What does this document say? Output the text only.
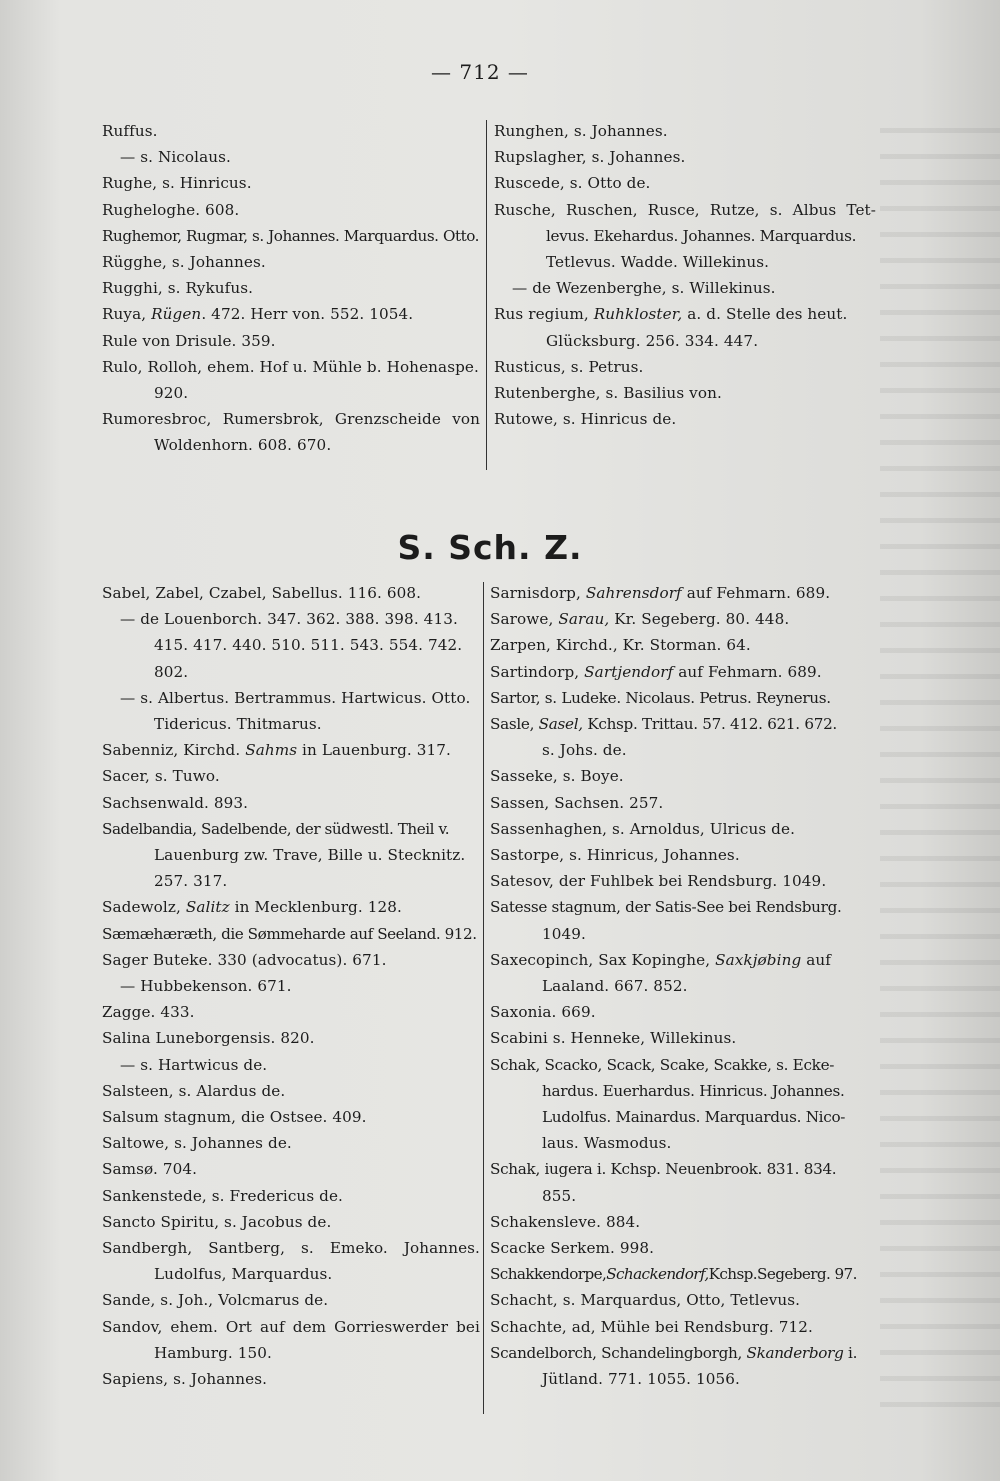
— 712 —
Ruffus.
— s. Nicolaus.
Rughe, s. Hinricus.
Rugheloghe. 608.
Rughemor, Rugmar, s. Johannes. Marquardus. Otto.
Rügghe, s. Johannes.
Rugghi, s. Rykufus.
Ruya, Rügen. 472. Herr von. 552. 1054.
Rule von Drisule. 359.
Rulo, Rolloh, ehem. Hof u. Mühle b. Hohenaspe.
920.
Rumoresbroc, Rumersbrok, Grenzscheide von
Woldenhorn. 608. 670.
Runghen, s. Johannes.
Rupslagher, s. Johannes.
Ruscede, s. Otto de.
Rusche, Ruschen, Rusce, Rutze, s. Albus Tet-
levus. Ekehardus. Johannes. Marquardus.
Tetlevus. Wadde. Willekinus.
— de Wezenberghe, s. Willekinus.
Rus regium, Ruhkloster, a. d. Stelle des heut.
Glücksburg. 256. 334. 447.
Rusticus, s. Petrus.
Rutenberghe, s. Basilius von.
Rutowe, s. Hinricus de.
S. Sch. Z.
Sabel, Zabel, Czabel, Sabellus. 116. 608.
— de Louenborch. 347. 362. 388. 398. 413.
415. 417. 440. 510. 511. 543. 554. 742.
802.
— s. Albertus. Bertrammus. Hartwicus. Otto.
Tidericus. Thitmarus.
Sabenniz, Kirchd. Sahms in Lauenburg. 317.
Sacer, s. Tuwo.
Sachsenwald. 893.
Sadelbandia, Sadelbende, der südwestl. Theil v.
Lauenburg zw. Trave, Bille u. Stecknitz.
257. 317.
Sadewolz, Salitz in Mecklenburg. 128.
Sæmæhæræth, die Sømmeharde auf Seeland. 912.
Sager Buteke. 330 (advocatus). 671.
— Hubbekenson. 671.
Zagge. 433.
Salina Luneborgensis. 820.
— s. Hartwicus de.
Salsteen, s. Alardus de.
Salsum stagnum, die Ostsee. 409.
Saltowe, s. Johannes de.
Samsø. 704.
Sankenstede, s. Fredericus de.
Sancto Spiritu, s. Jacobus de.
Sandbergh, Santberg, s. Emeko. Johannes.
Ludolfus, Marquardus.
Sande, s. Joh., Volcmarus de.
Sandov, ehem. Ort auf dem Gorrieswerder bei
Hamburg. 150.
Sapiens, s. Johannes.
Sarnisdorp, Sahrensdorf auf Fehmarn. 689.
Sarowe, Sarau, Kr. Segeberg. 80. 448.
Zarpen, Kirchd., Kr. Storman. 64.
Sartindorp, Sartjendorf auf Fehmarn. 689.
Sartor, s. Ludeke. Nicolaus. Petrus. Reynerus.
Sasle, Sasel, Kchsp. Trittau. 57. 412. 621. 672.
s. Johs. de.
Sasseke, s. Boye.
Sassen, Sachsen. 257.
Sassenhaghen, s. Arnoldus, Ulricus de.
Sastorpe, s. Hinricus, Johannes.
Satesov, der Fuhlbek bei Rendsburg. 1049.
Satesse stagnum, der Satis-See bei Rendsburg.
1049.
Saxecopinch, Sax Kopinghe, Saxkjøbing auf
Laaland. 667. 852.
Saxonia. 669.
Scabini s. Henneke, Willekinus.
Schak, Scacko, Scack, Scake, Scakke, s. Ecke-
hardus. Euerhardus. Hinricus. Johannes.
Ludolfus. Mainardus. Marquardus. Nico-
laus. Wasmodus.
Schak, iugera i. Kchsp. Neuenbrook. 831. 834.
855.
Schakensleve. 884.
Scacke Serkem. 998.
Schakkendorpe,Schackendorf,Kchsp.Segeberg. 97.
Schacht, s. Marquardus, Otto, Tetlevus.
Schachte, ad, Mühle bei Rendsburg. 712.
Scandelborch, Schandelingborgh, Skanderborg i.
Jütland. 771. 1055. 1056.
